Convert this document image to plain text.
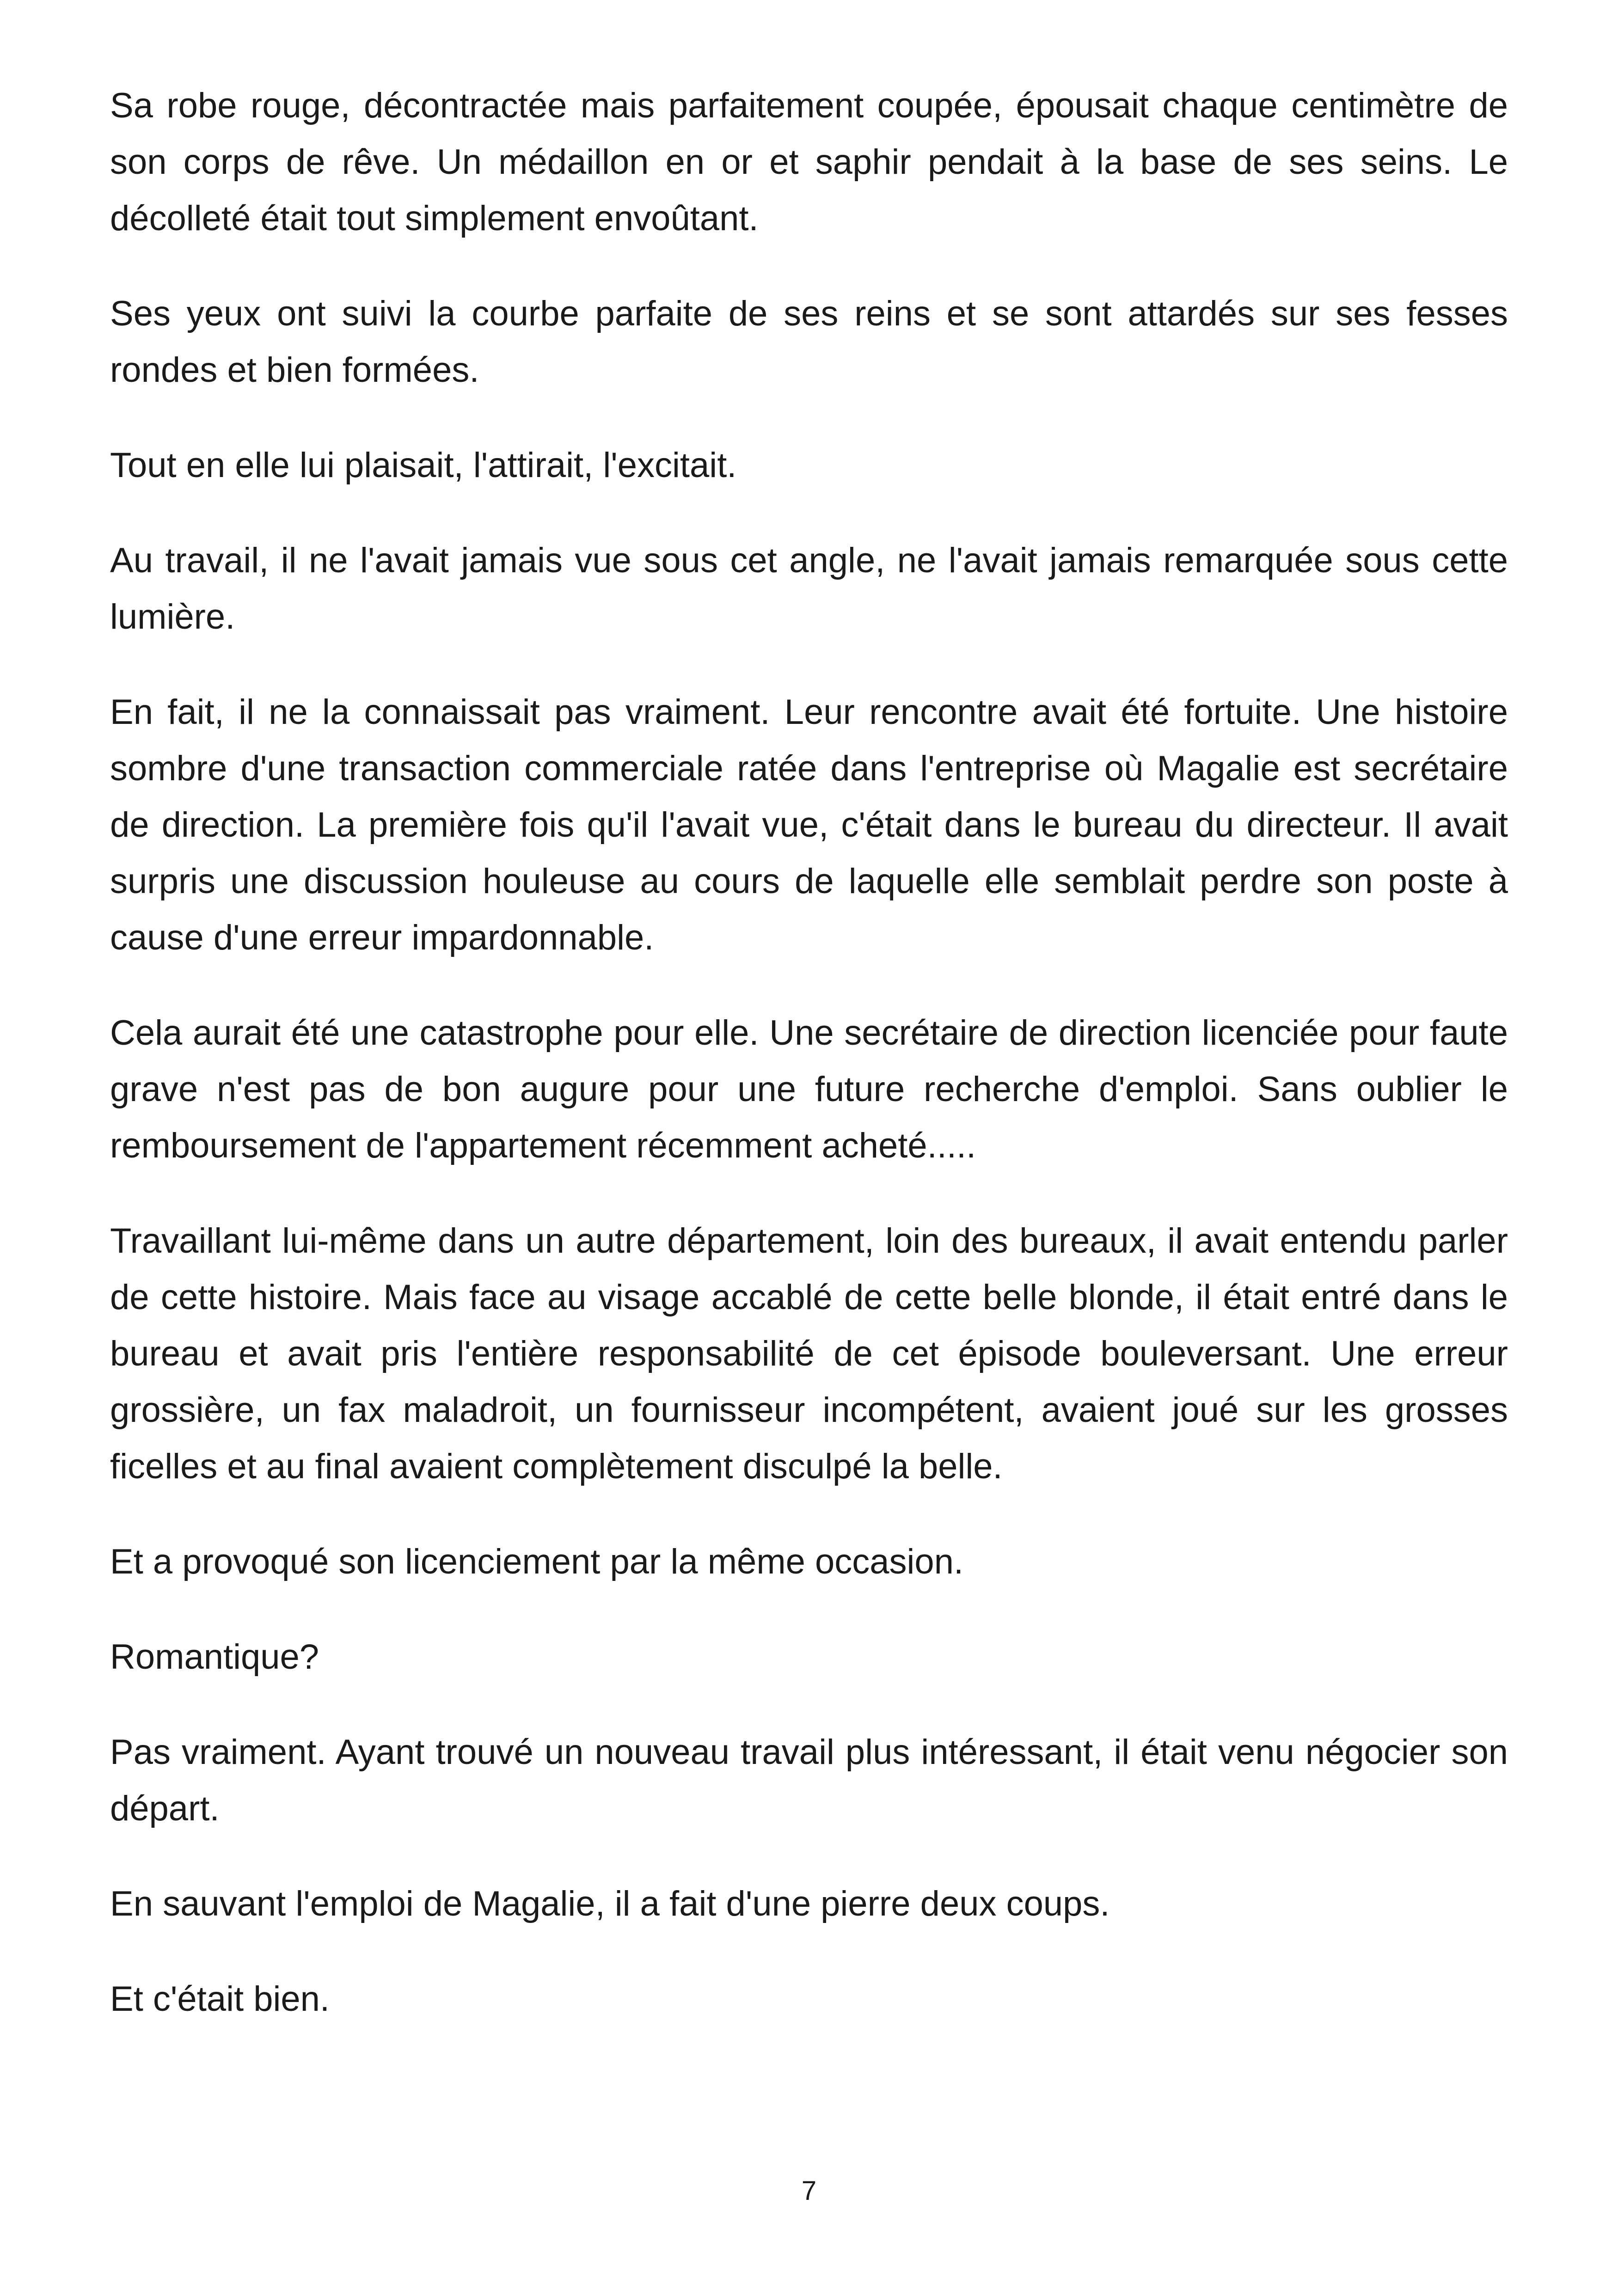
Sa robe rouge, décontractée mais parfaitement coupée, épousait chaque centimètre de son corps de rêve. Un médaillon en or et saphir pendait à la base de ses seins. Le décolleté était tout simplement envoûtant.

Ses yeux ont suivi la courbe parfaite de ses reins et se sont attardés sur ses fesses rondes et bien formées.

Tout en elle lui plaisait, l'attirait, l'excitait.

Au travail, il ne l'avait jamais vue sous cet angle, ne l'avait jamais remarquée sous cette lumière.

En fait, il ne la connaissait pas vraiment. Leur rencontre avait été fortuite. Une histoire sombre d'une transaction commerciale ratée dans l'entreprise où Magalie est secrétaire de direction. La première fois qu'il l'avait vue, c'était dans le bureau du directeur. Il avait surpris une discussion houleuse au cours de laquelle elle semblait perdre son poste à cause d'une erreur impardonnable.

Cela aurait été une catastrophe pour elle. Une secrétaire de direction licenciée pour faute grave n'est pas de bon augure pour une future recherche d'emploi. Sans oublier le remboursement de l'appartement récemment acheté.....

Travaillant lui-même dans un autre département, loin des bureaux, il avait entendu parler de cette histoire. Mais face au visage accablé de cette belle blonde, il était entré dans le bureau et avait pris l'entière responsabilité de cet épisode bouleversant. Une erreur grossière, un fax maladroit, un fournisseur incompétent, avaient joué sur les grosses ficelles et au final avaient complètement disculpé la belle.

Et a provoqué son licenciement par la même occasion.

Romantique?

Pas vraiment. Ayant trouvé un nouveau travail plus intéressant, il était venu négocier son départ.

En sauvant l'emploi de Magalie, il a fait d'une pierre deux coups.

Et c'était bien.

7
